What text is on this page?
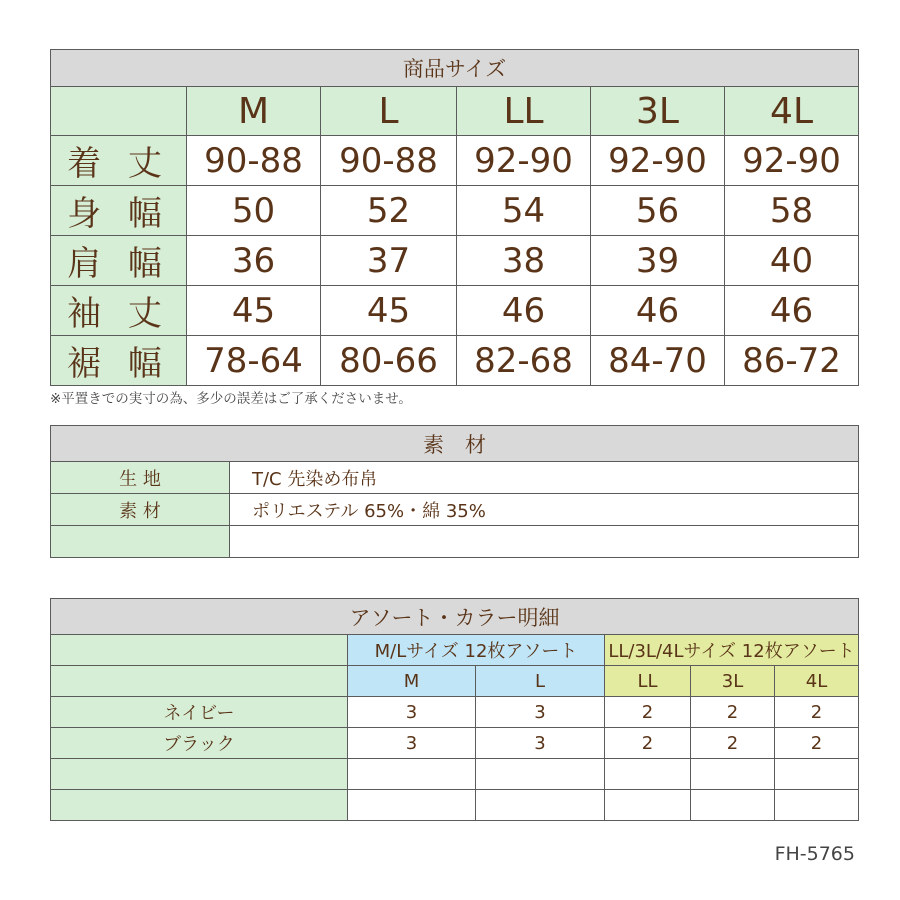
商品サイズ					
	M	L	LL	3L	4L
着 丈	90-88	90-88	92-90	92-90	92-90
身 幅	50	52	54	56	58
肩 幅	36	37	38	39	40
袖 丈	45	45	46	46	46
裾 幅	78-64	80-66	82-68	84-70	86-72
※平置きでの実寸の為、多少の誤差はご了承くださいませ。
素　材	
生 地	T/C 先染め布帛
素 材	ポリエステル 65%・綿 35%

アソート・カラー明細					
	M/Lサイズ 12枚アソート		LL/3L/4Lサイズ 12枚アソート		
	M	L	LL	3L	4L
ネイビー	3	3	2	2	2
ブラック	3	3	2	2	2

FH-5765
